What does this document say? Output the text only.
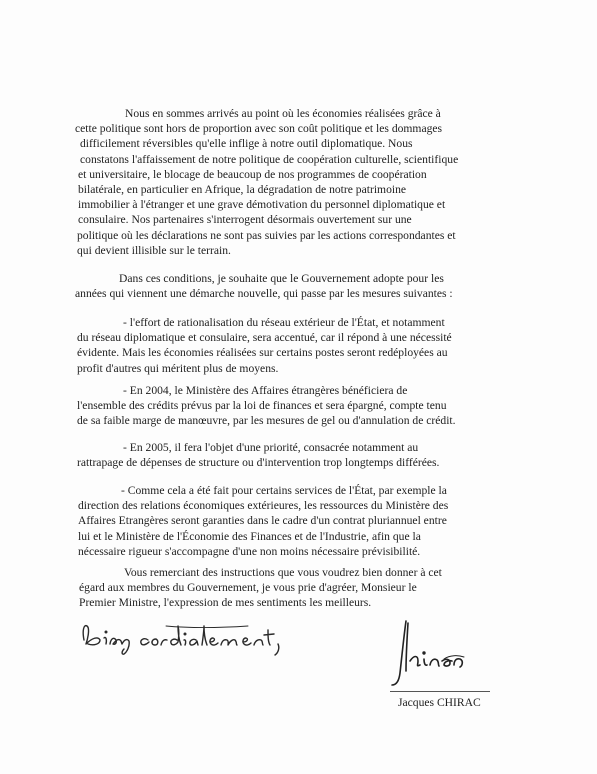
Nous en sommes arrivés au point où les économies réalisées grâce à
cette politique sont hors de proportion avec son coût politique et les dommages
difficilement réversibles qu'elle inflige à notre outil diplomatique. Nous
constatons l'affaissement de notre politique de coopération culturelle, scientifique
et universitaire, le blocage de beaucoup de nos programmes de coopération
bilatérale, en particulier en Afrique, la dégradation de notre patrimoine
immobilier à l'étranger et une grave démotivation du personnel diplomatique et
consulaire. Nos partenaires s'interrogent désormais ouvertement sur une
politique où les déclarations ne sont pas suivies par les actions correspondantes et
qui devient illisible sur le terrain.
Dans ces conditions, je souhaite que le Gouvernement adopte pour les
années qui viennent une démarche nouvelle, qui passe par les mesures suivantes :
- l'effort de rationalisation du réseau extérieur de l'État, et notamment
du réseau diplomatique et consulaire, sera accentué, car il répond à une nécessité
évidente. Mais les économies réalisées sur certains postes seront redéployées au
profit d'autres qui méritent plus de moyens.
- En 2004, le Ministère des Affaires étrangères bénéficiera de
l'ensemble des crédits prévus par la loi de finances et sera épargné, compte tenu
de sa faible marge de manœuvre, par les mesures de gel ou d'annulation de crédit.
- En 2005, il fera l'objet d'une priorité, consacrée notamment au
rattrapage de dépenses de structure ou d'intervention trop longtemps différées.
- Comme cela a été fait pour certains services de l'État, par exemple la
direction des relations économiques extérieures, les ressources du Ministère des
Affaires Etrangères seront garanties dans le cadre d'un contrat pluriannuel entre
lui et le Ministère de l'Économie des Finances et de l'Industrie, afin que la
nécessaire rigueur s'accompagne d'une non moins nécessaire prévisibilité.
Vous remerciant des instructions que vous voudrez bien donner à cet
égard aux membres du Gouvernement, je vous prie d'agréer, Monsieur le
Premier Ministre, l'expression de mes sentiments les meilleurs.
Jacques CHIRAC
